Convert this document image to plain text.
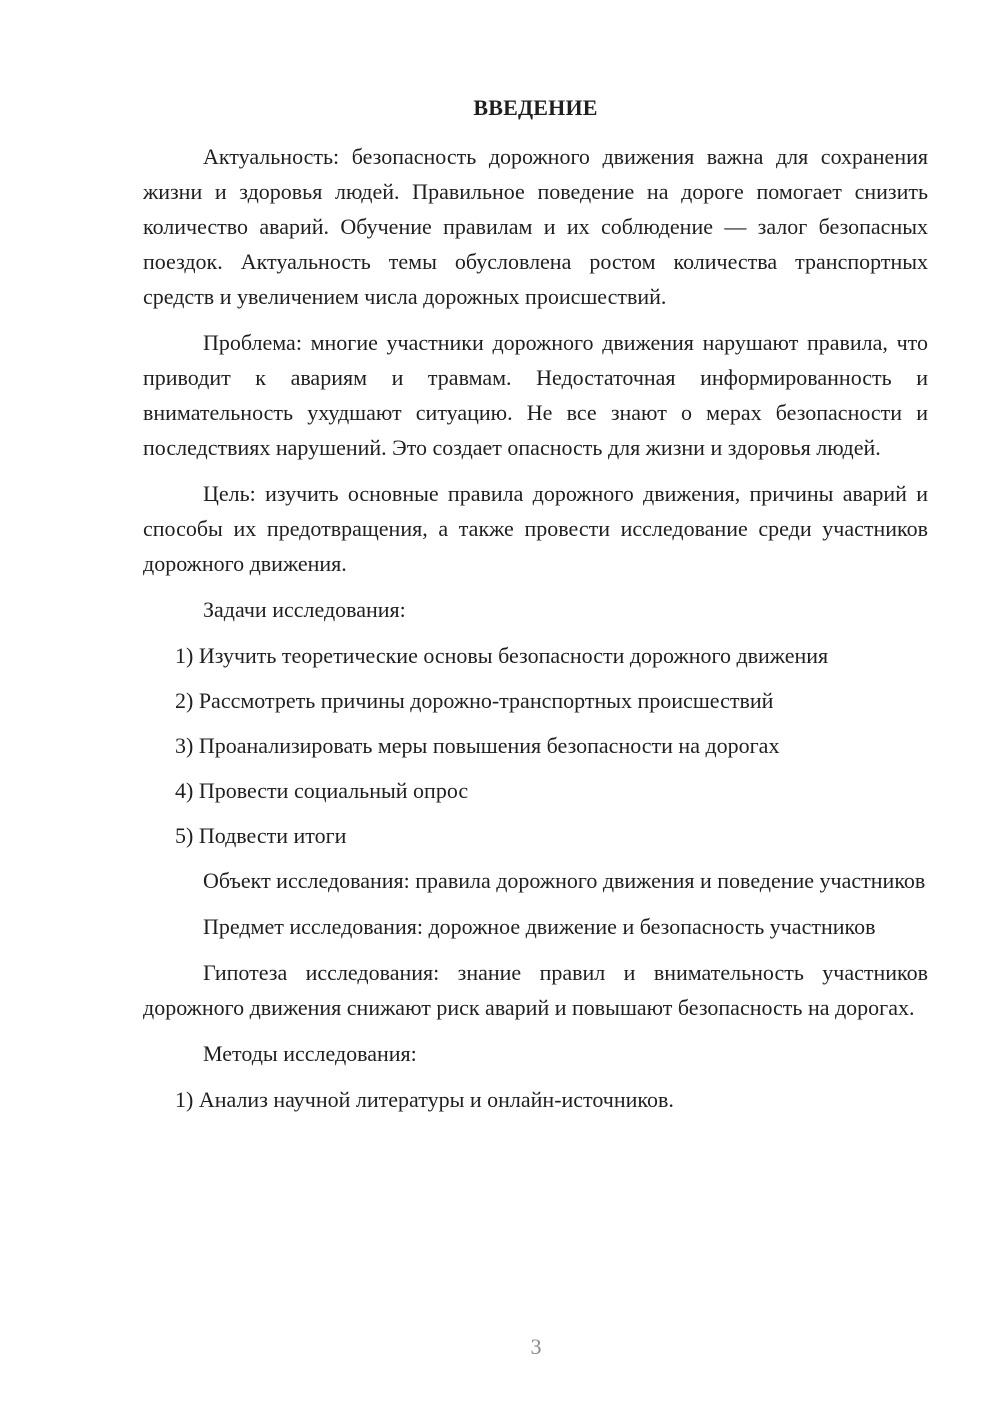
ВВЕДЕНИЕ

Актуальность: безопасность дорожного движения важна для сохранения жизни и здоровья людей. Правильное поведение на дороге помогает снизить количество аварий. Обучение правилам и их соблюдение — залог безопасных поездок. Актуальность темы обусловлена ростом количества транспортных средств и увеличением числа дорожных происшествий.

Проблема: многие участники дорожного движения нарушают правила, что приводит к авариям и травмам. Недостаточная информированность и внимательность ухудшают ситуацию. Не все знают о мерах безопасности и последствиях нарушений. Это создает опасность для жизни и здоровья людей.

Цель: изучить основные правила дорожного движения, причины аварий и способы их предотвращения, а также провести исследование среди участников дорожного движения.

Задачи исследования:

1) Изучить теоретические основы безопасности дорожного движения

2) Рассмотреть причины дорожно-транспортных происшествий

3) Проанализировать меры повышения безопасности на дорогах

4) Провести социальный опрос

5) Подвести итоги

Объект исследования: правила дорожного движения и поведение участников

Предмет исследования: дорожное движение и безопасность участников

Гипотеза исследования: знание правил и внимательность участников дорожного движения снижают риск аварий и повышают безопасность на дорогах.

Методы исследования:

1) Анализ научной литературы и онлайн-источников.

3
